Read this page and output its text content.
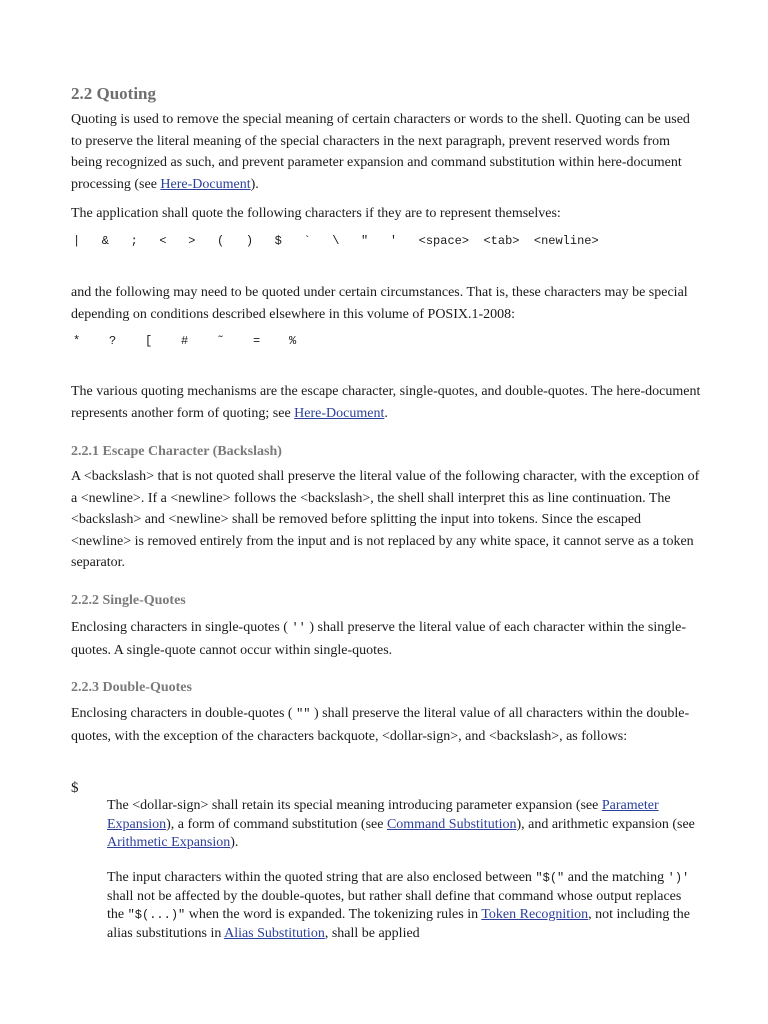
2.2 Quoting

Quoting is used to remove the special meaning of certain characters or words to the shell. Quoting can be used to preserve the literal meaning of the special characters in the next paragraph, prevent reserved words from being recognized as such, and prevent parameter expansion and command substitution within here-document processing (see Here-Document).

The application shall quote the following characters if they are to represent themselves:

|   &   ;   <   >   (   )   $   `   \   "   '   <space>  <tab>  <newline>

and the following may need to be quoted under certain circumstances. That is, these characters may be special depending on conditions described elsewhere in this volume of POSIX.1-2008:

*    ?    [    #    ˜    =    %

The various quoting mechanisms are the escape character, single-quotes, and double-quotes. The here-document represents another form of quoting; see Here-Document.

2.2.1 Escape Character (Backslash)

A <backslash> that is not quoted shall preserve the literal value of the following character, with the exception of a <newline>. If a <newline> follows the <backslash>, the shell shall interpret this as line continuation. The <backslash> and <newline> shall be removed before splitting the input into tokens. Since the escaped <newline> is removed entirely from the input and is not replaced by any white space, it cannot serve as a token separator.

2.2.2 Single-Quotes

Enclosing characters in single-quotes ( '' ) shall preserve the literal value of each character within the single-quotes. A single-quote cannot occur within single-quotes.

2.2.3 Double-Quotes

Enclosing characters in double-quotes ( "" ) shall preserve the literal value of all characters within the double-quotes, with the exception of the characters backquote, <dollar-sign>, and <backslash>, as follows:

$

The <dollar-sign> shall retain its special meaning introducing parameter expansion (see Parameter Expansion), a form of command substitution (see Command Substitution), and arithmetic expansion (see Arithmetic Expansion).

The input characters within the quoted string that are also enclosed between "$(" and the matching ')' shall not be affected by the double-quotes, but rather shall define that command whose output replaces the "$(...)" when the word is expanded. The tokenizing rules in Token Recognition, not including the alias substitutions in Alias Substitution, shall be applied
